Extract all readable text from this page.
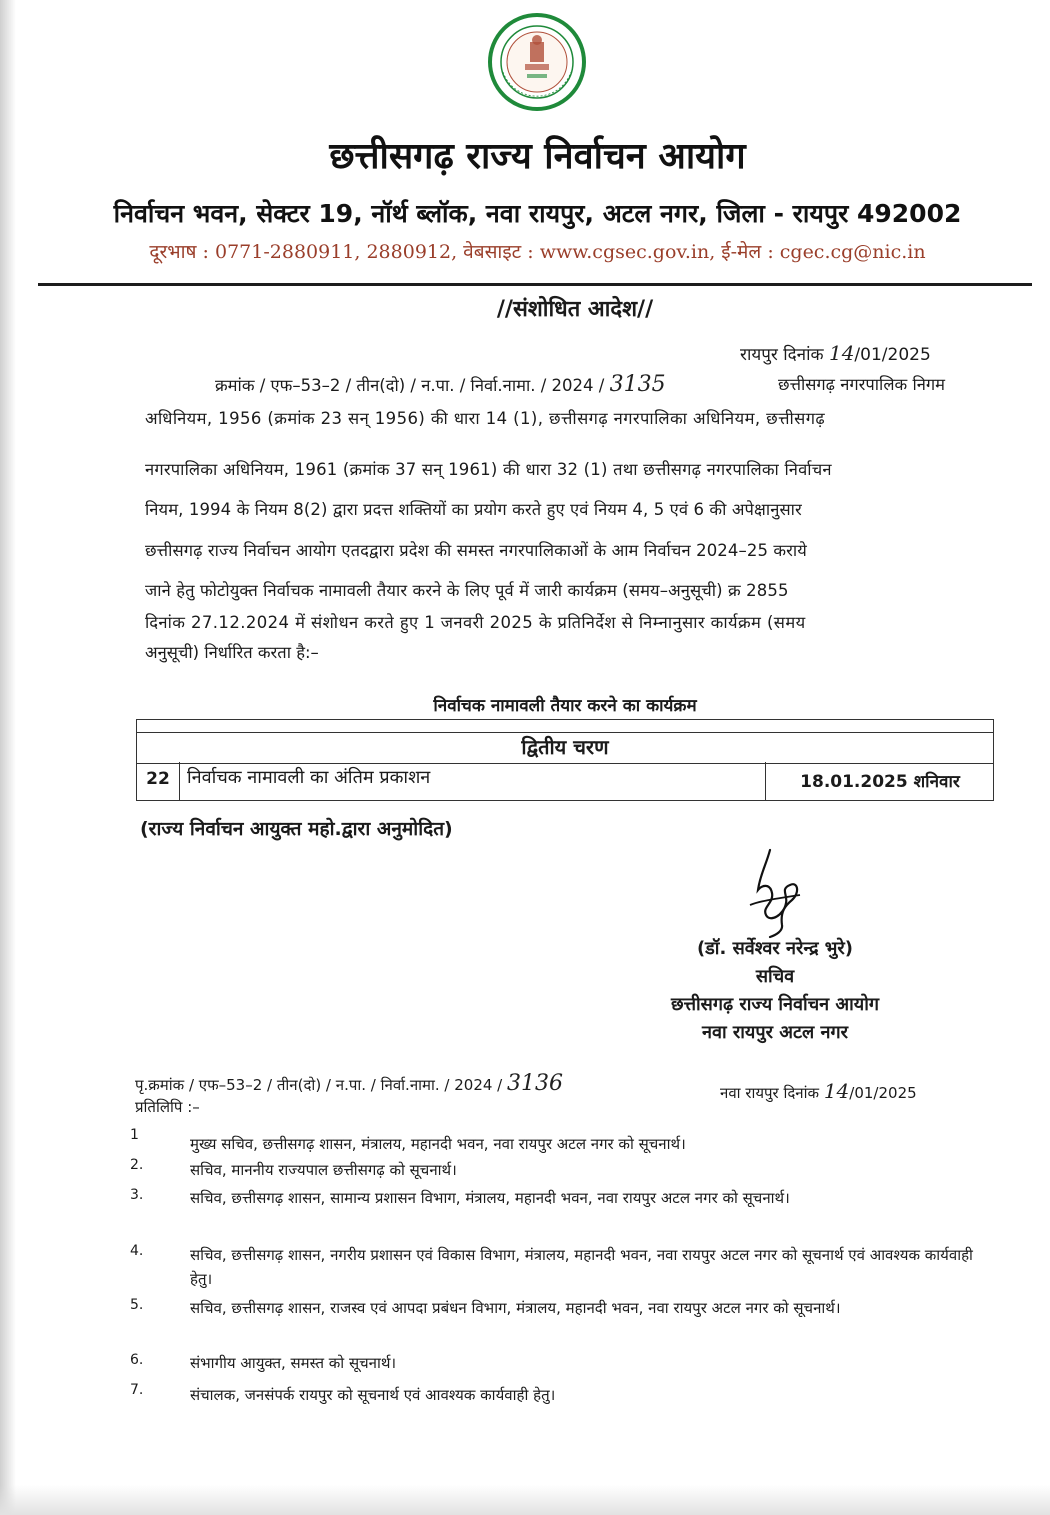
छत्तीसगढ़ राज्य निर्वाचन आयोग
निर्वाचन भवन, सेक्टर 19, नॉर्थ ब्लॉक, नवा रायपुर, अटल नगर, जिला - रायपुर 492002
दूरभाष : 0771-2880911, 2880912, वेबसाइट : www.cgsec.gov.in, ई-मेल : cgec.cg@nic.in
//संशोधित आदेश//
रायपुर दिनांक 14/01/2025
क्रमांक / एफ–53–2 / तीन(दो) / न.पा. / निर्वा.नामा. / 2024 / 3135	छत्तीसगढ़ नगरपालिक निगम
अधिनियम, 1956 (क्रमांक 23 सन् 1956) की धारा 14 (1), छत्तीसगढ़ नगरपालिका अधिनियम, छत्तीसगढ़
नगरपालिका अधिनियम, 1961 (क्रमांक 37 सन् 1961) की धारा 32 (1) तथा छत्तीसगढ़ नगरपालिका निर्वाचन
नियम, 1994 के नियम 8(2) द्वारा प्रदत्त शक्तियों का प्रयोग करते हुए एवं नियम 4, 5 एवं 6 की अपेक्षानुसार
छत्तीसगढ़ राज्य निर्वाचन आयोग एतदद्वारा प्रदेश की समस्त नगरपालिकाओं के आम निर्वाचन 2024–25 कराये
जाने हेतु फोटोयुक्त निर्वाचक नामावली तैयार करने के लिए पूर्व में जारी कार्यक्रम (समय–अनुसूची) क्र 2855
दिनांक 27.12.2024 में संशोधन करते हुए 1 जनवरी 2025 के प्रतिनिर्देश से निम्नानुसार कार्यक्रम (समय
अनुसूची) निर्धारित करता है:–
निर्वाचक नामावली तैयार करने का कार्यक्रम
द्वितीय चरण
22 निर्वाचक नामावली का अंतिम प्रकाशन	18.01.2025 शनिवार
(राज्य निर्वाचन आयुक्त महो.द्वारा अनुमोदित)
(डॉ. सर्वेश्वर नरेन्द्र भुरे)
सचिव
छत्तीसगढ़ राज्य निर्वाचन आयोग
नवा रायपुर अटल नगर
पृ.क्रमांक / एफ–53–2 / तीन(दो) / न.पा. / निर्वा.नामा. / 2024 / 3136	नवा रायपुर दिनांक 14/01/2025
प्रतिलिपि :–
1	मुख्य सचिव, छत्तीसगढ़ शासन, मंत्रालय, महानदी भवन, नवा रायपुर अटल नगर को सूचनार्थ।
2.	सचिव, माननीय राज्यपाल छत्तीसगढ़ को सूचनार्थ।
3.	सचिव, छत्तीसगढ़ शासन, सामान्य प्रशासन विभाग, मंत्रालय, महानदी भवन, नवा रायपुर अटल नगर को सूचनार्थ।
4.	सचिव, छत्तीसगढ़ शासन, नगरीय प्रशासन एवं विकास विभाग, मंत्रालय, महानदी भवन, नवा रायपुर अटल नगर को सूचनार्थ एवं आवश्यक कार्यवाही हेतु।
5.	सचिव, छत्तीसगढ़ शासन, राजस्व एवं आपदा प्रबंधन विभाग, मंत्रालय, महानदी भवन, नवा रायपुर अटल नगर को सूचनार्थ।
6.	संभागीय आयुक्त, समस्त को सूचनार्थ।
7.	संचालक, जनसंपर्क रायपुर को सूचनार्थ एवं आवश्यक कार्यवाही हेतु।
